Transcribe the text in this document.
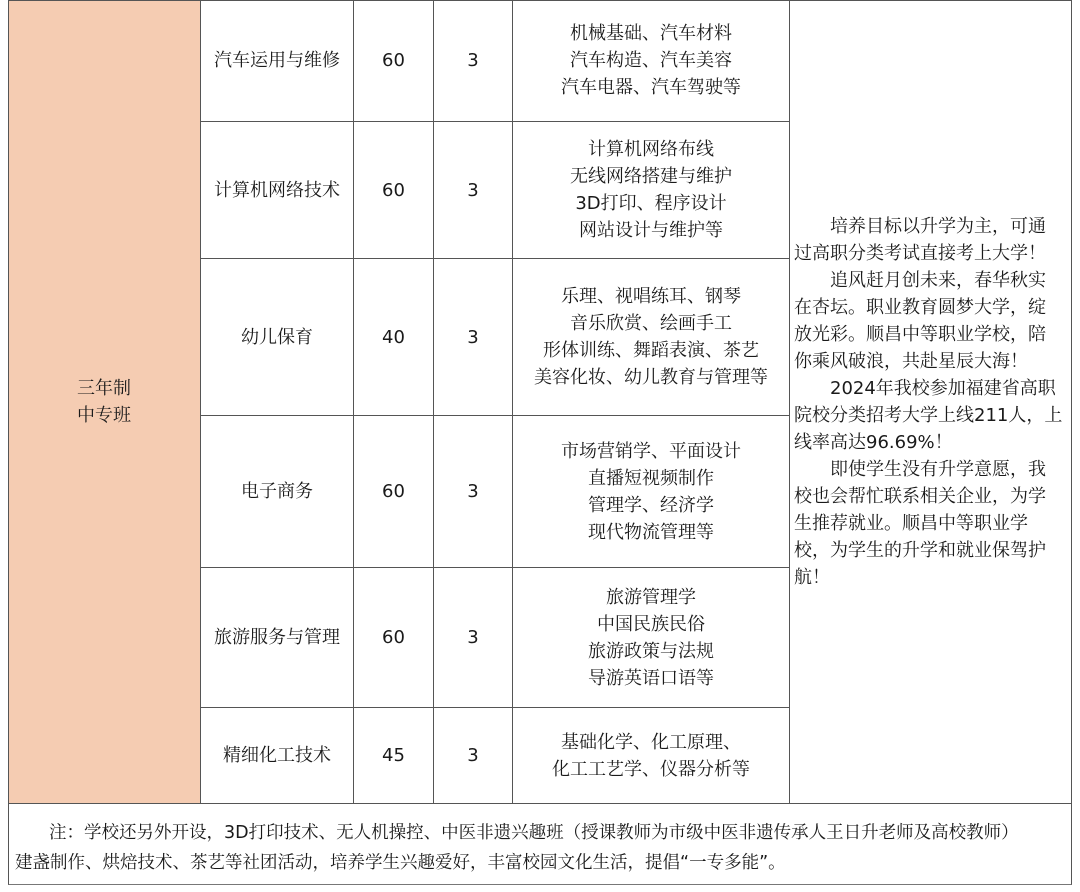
三年制
中专班
汽车运用与维修	60	3
机械基础、汽车材料
汽车构造、汽车美容
汽车电器、汽车驾驶等
计算机网络技术	60	3
计算机网络布线
无线网络搭建与维护
3D打印、程序设计
网站设计与维护等
幼儿保育	40	3
乐理、视唱练耳、钢琴
音乐欣赏、绘画手工
形体训练、舞蹈表演、茶艺
美容化妆、幼儿教育与管理等
电子商务	60	3
市场营销学、平面设计
直播短视频制作
管理学、经济学
现代物流管理等
旅游服务与管理	60	3
旅游管理学
中国民族民俗
旅游政策与法规
导游英语口语等
精细化工技术	45	3
基础化学、化工原理、
化工工艺学、仪器分析等

培养目标以升学为主，可通过高职分类考试直接考上大学！

追风赶月创未来，春华秋实在杏坛。职业教育圆梦大学，绽放光彩。顺昌中等职业学校，陪你乘风破浪，共赴星辰大海！

2024年我校参加福建省高职院校分类招考大学上线211人，上线率高达96.69%！

即使学生没有升学意愿，我校也会帮忙联系相关企业，为学生推荐就业。顺昌中等职业学校，为学生的升学和就业保驾护航！

注：学校还另外开设，3D打印技术、无人机操控、中医非遗兴趣班（授课教师为市级中医非遗传承人王日升老师及高校教师）
建盏制作、烘焙技术、茶艺等社团活动，培养学生兴趣爱好，丰富校园文化生活，提倡“一专多能”。
